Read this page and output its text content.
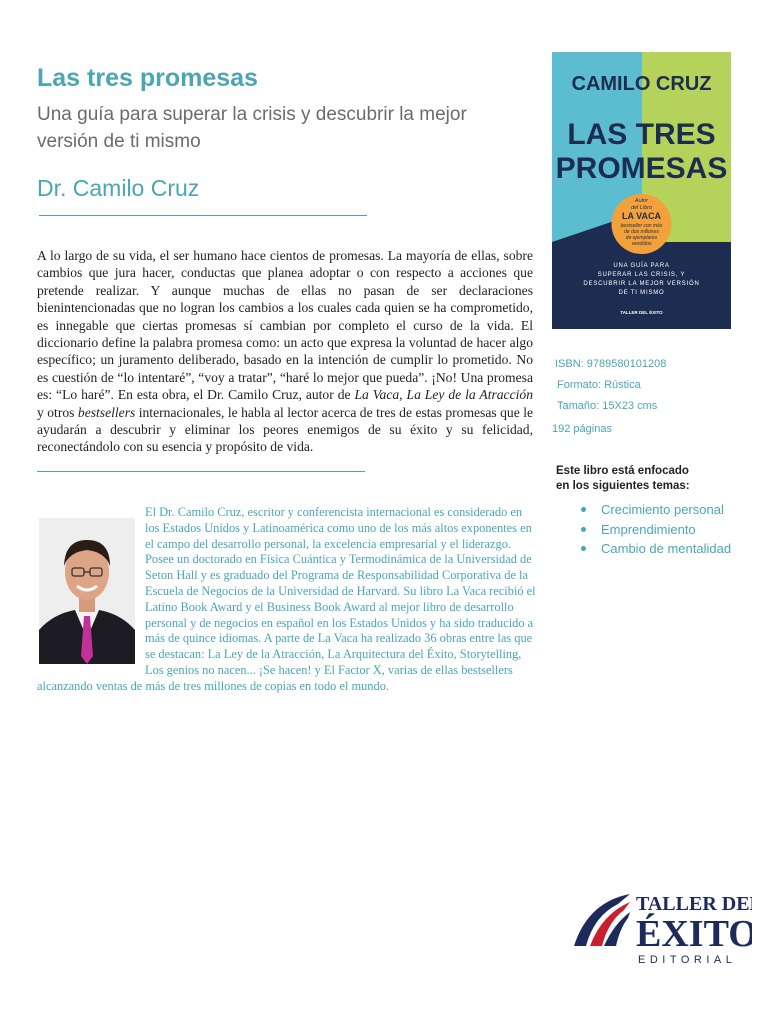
Las tres promesas
Una guía para superar la crisis y descubrir la mejor versión de ti mismo
Dr. Camilo Cruz
A lo largo de su vida, el ser humano hace cientos de promesas. La mayoría de ellas, sobre cambios que jura hacer, conductas que planea adoptar o con respecto a acciones que pretende realizar. Y aunque muchas de ellas no pasan de ser declaraciones bienintencionadas que no logran los cambios a los cuales cada quien se ha comprometido, es innegable que ciertas promesas sí cambian por completo el curso de la vida. El diccionario define la palabra promesa como: un acto que expresa la voluntad de hacer algo específico; un juramento deliberado, basado en la intención de cumplir lo prometido. No es cuestión de “lo intentaré”, “voy a tratar”, “haré lo mejor que pueda”. ¡No! Una promesa es: “Lo haré”. En esta obra, el Dr. Camilo Cruz, autor de La Vaca, La Ley de la Atracción y otros bestsellers internacionales, le habla al lector acerca de tres de estas promesas que le ayudarán a descubrir y eliminar los peores enemigos de su éxito y su felicidad, reconectándolo con su esencia y propósito de vida.
El Dr. Camilo Cruz, escritor y conferencista internacional es considerado en los Estados Unidos y Latinoamérica como uno de los más altos exponentes en el campo del desarrollo personal, la excelencia empresarial y el liderazgo. Posee un doctorado en Física Cuántica y Termodinámica de la Universidad de Seton Hall y es graduado del Programa de Responsabilidad Corporativa de la Escuela de Negocios de la Universidad de Harvard. Su libro La Vaca recibió el Latino Book Award y el Business Book Award al mejor libro de desarrollo personal y de negocios en español en los Estados Unidos y ha sido traducido a más de quince idiomas. A parte de La Vaca ha realizado 36 obras entre las que se destacan: La Ley de la Atracción, La Arquitectura del Éxito, Storytelling, Los genios no nacen... ¡Se hacen! y El Factor X, varias de ellas bestsellers alcanzando ventas de más de tres millones de copias en todo el mundo.
CAMILO CRUZ
LAS TRES
PROMESAS
Autor
del Libro
LA VACA
bestseller con más
de dos millones
de ejemplares
vendidos
UNA GUÍA PARA
SUPERAR LAS CRISIS, Y
DESCUBRIR LA MEJOR VERSIÓN
DE TI MISMO
TALLER DEL ÉXITO
ISBN: 9789580101208
Formato: Rústica
Tamaño: 15X23 cms
192 páginas
Este libro está enfocado
en los siguientes temas:
Crecimiento personal
Emprendimiento
Cambio de mentalidad
TALLER DEL
ÉXITO
EDITORIAL
